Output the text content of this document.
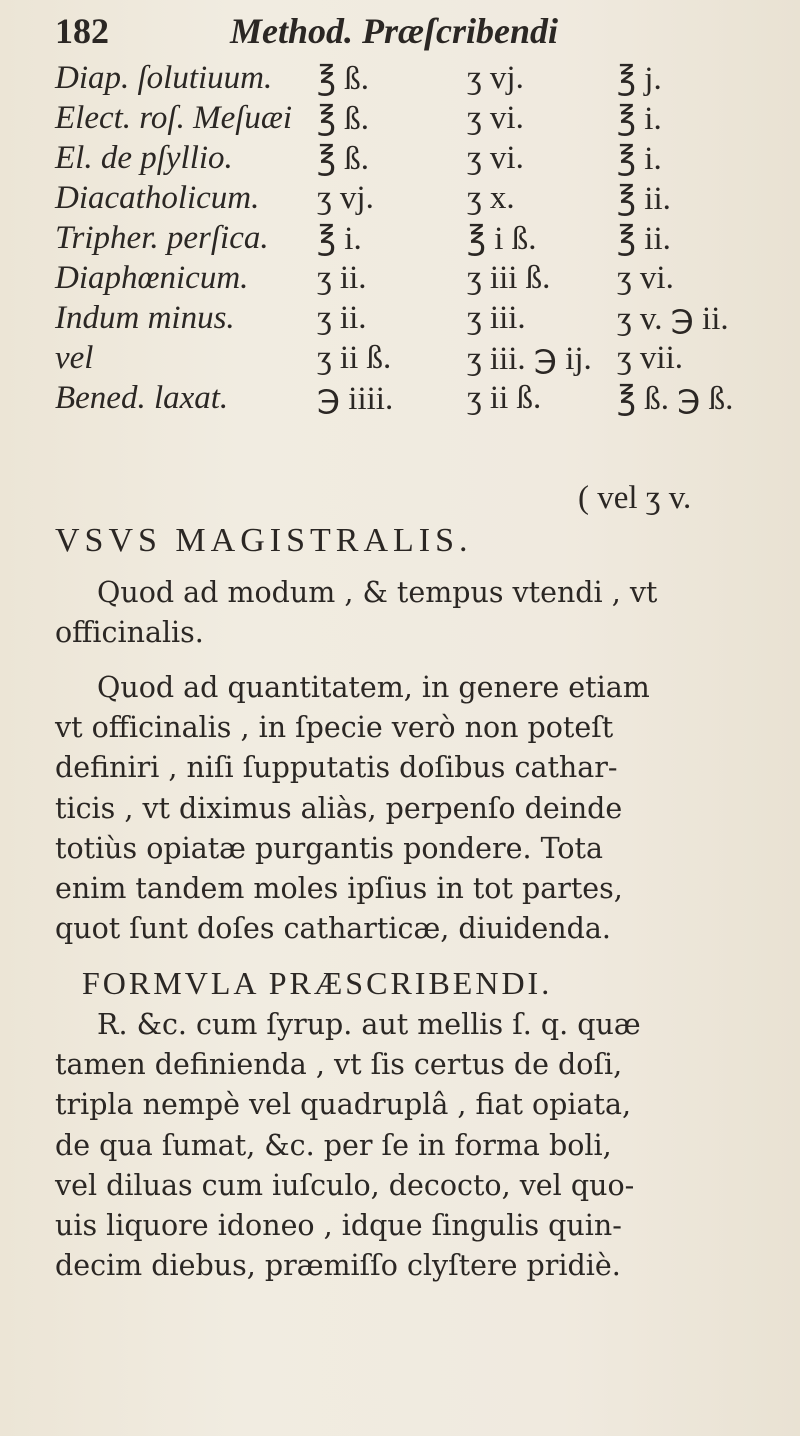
182	Method. Præſcribendi
Diap. ſolutiuum.	℥ ß.	ʒ vj.	℥ j.
Elect. roſ. Meſuæi	℥ ß.	ʒ vi.	℥ i.
El. de pſyllio.	℥ ß.	ʒ vi.	℥ i.
Diacatholicum.	ʒ vj.	ʒ x.	℥ ii.
Tripher. perſica.	℥ i.	℥ i ß.	℥ ii.
Diaphœnicum.	ʒ ii.	ʒ iii ß.	ʒ vi.
Indum minus.	ʒ ii.	ʒ iii.	ʒ v. ℈ ii.
vel	ʒ ii ß.	ʒ iii. ℈ ij.	ʒ vii.
Bened. laxat.	℈ iiii.	ʒ ii ß.	℥ ß. ℈ ß.
( vel ʒ v.
VSVS MAGISTRALIS.
Quod ad modum , & tempus vtendi , vt
officinalis.
Quod ad quantitatem, in genere etiam
vt officinalis , in ſpecie verò non poteſt
definiri , niſi ſupputatis doſibus cathar-
ticis , vt diximus aliàs, perpenſo deinde
totiùs opiatæ purgantis pondere. Tota
enim tandem moles ipſius in tot partes,
quot ſunt doſes catharticæ, diuidenda.
FORMVLA PRÆSCRIBENDI.
R. &c. cum ſyrup. aut mellis ſ. q. quæ
tamen definienda , vt ſis certus de doſi,
tripla nempè vel quadruplâ , fiat opiata,
de qua ſumat, &c. per ſe in forma boli,
vel diluas cum iuſculo, decocto, vel quo-
uis liquore idoneo , idque ſingulis quin-
decim diebus, præmiſſo clyſtere pridiè.
